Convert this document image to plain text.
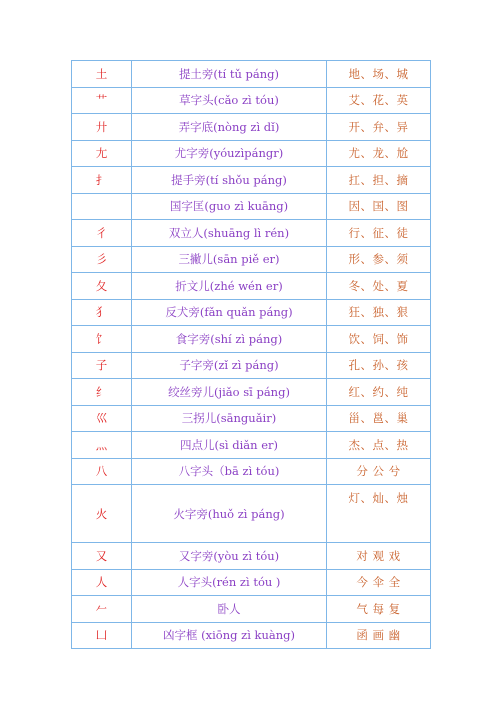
土	提土旁(tí tǔ páng)	地、场、城
艹	草字头(cǎo zì tóu)	艾、花、英
廾	弄字底(nòng zì dǐ)	开、弁、异
尢	尤字旁(yóuzìpángr)	尤、龙、尬
扌	提手旁(tí shǒu páng)	扛、担、摘
	国字匡(guo zì kuāng)	因、国、图
彳	双立人(shuāng lì rén)	行、征、徒
彡	三撇儿(sān piě er)	形、参、须
夂	折文儿(zhé wén er)	冬、处、夏
犭	反犬旁(fǎn quǎn páng)	狂、独、狠
饣	食字旁(shí zì páng)	饮、饲、饰
子	子字旁(zǐ zì páng)	孔、孙、孩
纟	绞丝旁儿(jiǎo sī páng)	红、约、纯
巛	三拐儿(sānguǎir)	甾、邕、巢
灬	四点儿(sì diǎn er)	杰、点、热
八	八字头（bā zì tóu)	分 公 兮
火	火字旁(huǒ zì páng)	灯、灿、烛
又	又字旁(yòu zì tóu)	对 观 戏
人	人字头(rén zì tóu )	今 伞 全
𠂉	卧人	气 每 复
凵	凶字框 (xiōng zì kuàng)	函 画 幽
